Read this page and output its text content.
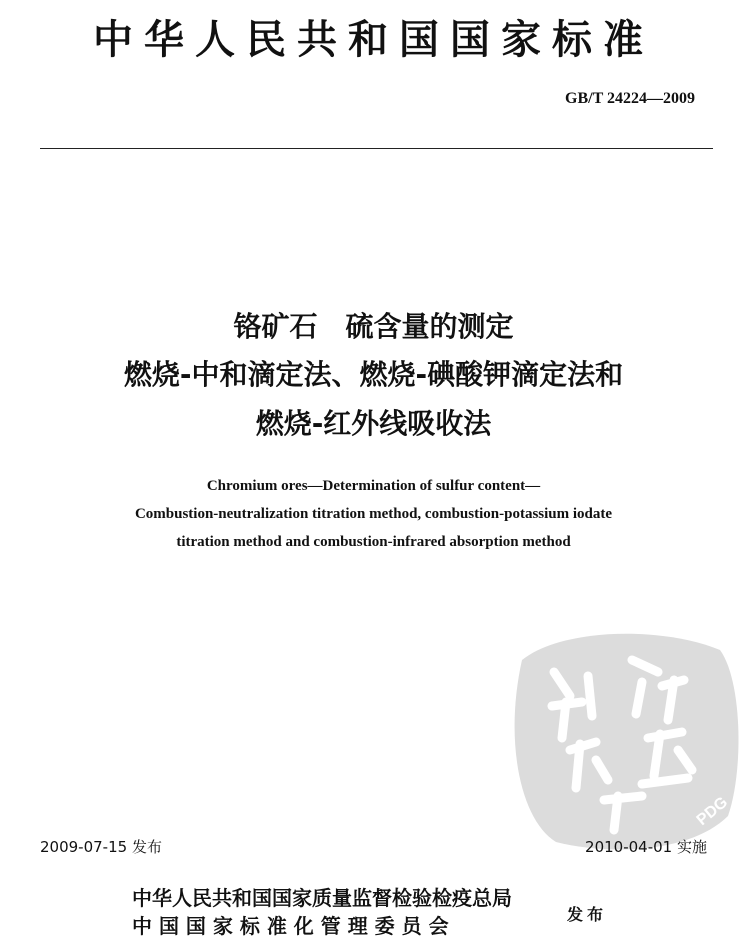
中华人民共和国国家标准
GB/T 24224—2009
铬矿石　硫含量的测定
燃烧-中和滴定法、燃烧-碘酸钾滴定法和
燃烧-红外线吸收法
Chromium ores—Determination of sulfur content—
Combustion-neutralization titration method, combustion-potassium iodate
titration method and combustion-infrared absorption method
PDG
2009-07-15 发布	2010-04-01 实施
中华人民共和国国家质量监督检验检疫总局
中 国 国 家 标 准 化 管 理 委 员 会	发布
